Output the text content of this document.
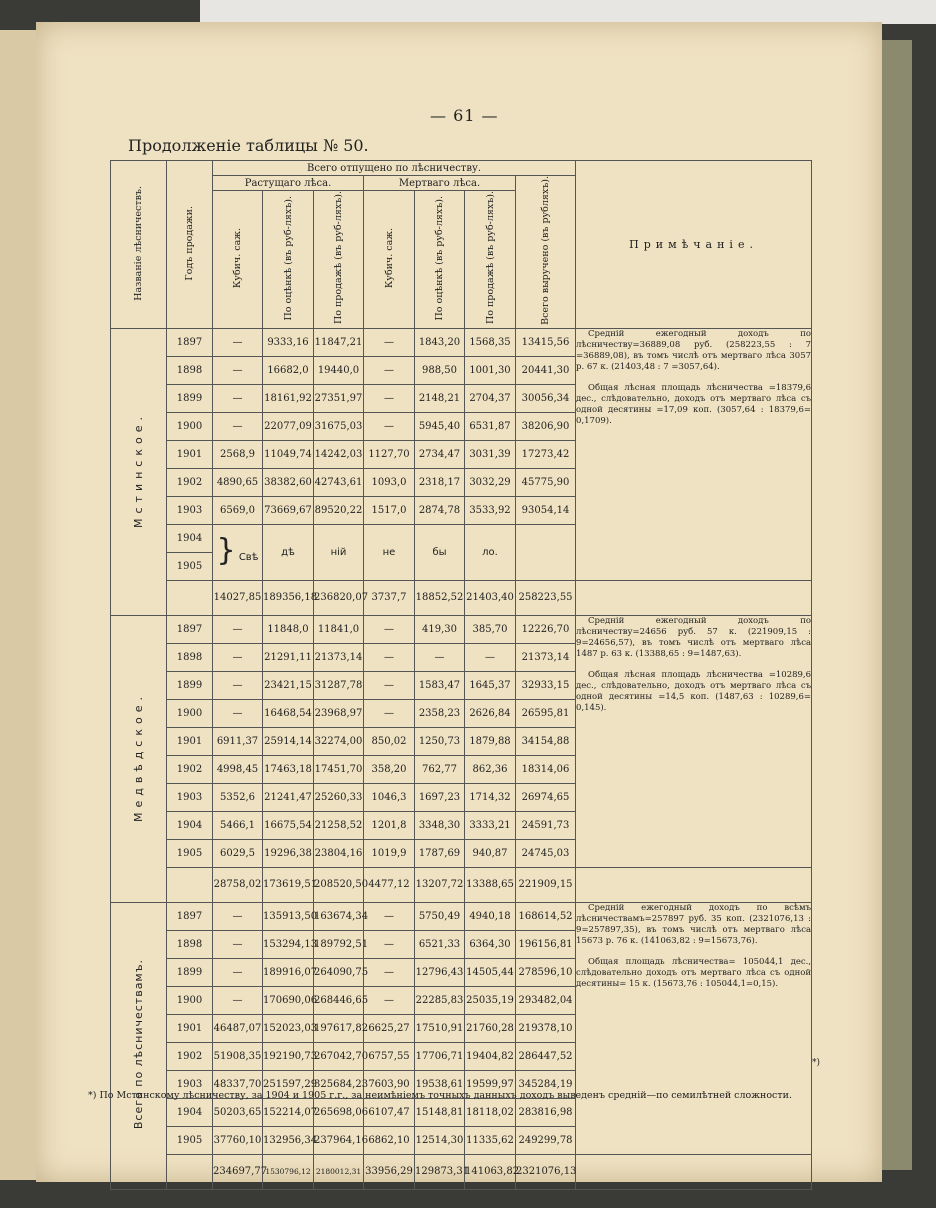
— 61 —
Продолженіе таблицы № 50.
Названіе лѣсничествъ.	Годъ продажи.	Всего отпущено по лѣсничеству.							Примѣчаніе.
		Растущаго лѣса.			Мертваго лѣса.			Всего выручено (въ рубляхъ).	
		Кубич. саж.	По оцѣнкѣ (въ руб-ляхъ).	По продажѣ (въ руб-ляхъ).	Кубич. саж.	По оцѣнкѣ (въ руб-ляхъ).	По продажѣ (въ руб-ляхъ).		
Мстинское.	1897	—	9333,16	11847,21	—	1843,20	1568,35	13415,56	Средній ежегодный доходъ по лѣсничеству=36889,08 руб. (258223,55 : 7 =36889,08), въ томъ числѣ отъ мертваго лѣса 3057 р. 67 к. (21403,48 : 7 =3057,64).

Общая лѣсная площадь лѣсничества =18379,6 дес., слѣдовательно, доходъ отъ мертваго лѣса съ одной десятины =17,09 коп. (3057,64 : 18379,6= 0,1709).

	1898	—	16682,0	19440,0	—	988,50	1001,30	20441,30	
	1899	—	18161,92	27351,97	—	2148,21	2704,37	30056,34	
	1900	—	22077,09	31675,03	—	5945,40	6531,87	38206,90	
	1901	2568,9	11049,74	14242,03	1127,70	2734,47	3031,39	17273,42	
	1902	4890,65	38382,60	42743,61	1093,0	2318,17	3032,29	45775,90	
	1903	6569,0	73669,67	89520,22	1517,0	2874,78	3533,92	93054,14	
	1904	} Свѣ	дѣ	ній	не	бы	ло.		
	1905								
		14027,85	189356,18	236820,07	3737,7	18852,52	21403,40	258223,55	
Медвѣдское.	1897	—	11848,0	11841,0	—	419,30	385,70	12226,70	Средній ежегодный доходъ по лѣсничеству=24656 руб. 57 к. (221909,15 : 9=24656,57), въ томъ числѣ отъ мертваго лѣса 1487 р. 63 к. (13388,65 : 9=1487,63).

Общая лѣсная площадь лѣсничества =10289,6 дес., слѣдовательно, доходъ отъ мертваго лѣса съ одной десятины =14,5 коп. (1487,63 : 10289,6= 0,145).

	1898	—	21291,11	21373,14	—	—	—	21373,14	
	1899	—	23421,15	31287,78	—	1583,47	1645,37	32933,15	
	1900	—	16468,54	23968,97	—	2358,23	2626,84	26595,81	
	1901	6911,37	25914,14	32274,00	850,02	1250,73	1879,88	34154,88	
	1902	4998,45	17463,18	17451,70	358,20	762,77	862,36	18314,06	
	1903	5352,6	21241,47	25260,33	1046,3	1697,23	1714,32	26974,65	
	1904	5466,1	16675,54	21258,52	1201,8	3348,30	3333,21	24591,73	
	1905	6029,5	19296,38	23804,16	1019,9	1787,69	940,87	24745,03	
		28758,02	173619,51	208520,50	4477,12	13207,72	13388,65	221909,15	
Всего по лѣсничествамъ.	1897	—	135913,50	163674,34	—	5750,49	4940,18	168614,52	Средній ежегодный доходъ по всѣмъ лѣсничествамъ=257897 руб. 35 коп. (2321076,13 : 9=257897,35), въ томъ числѣ отъ мертваго лѣса 15673 р. 76 к. (141063,82 : 9=15673,76).

Общая площадь лѣсничества= 105044,1 дес., слѣдовательно доходъ отъ мертваго лѣса съ одной десятины= 15 к. (15673,76 : 105044,1=0,15).

	1898	—	153294,13	189792,51	—	6521,33	6364,30	196156,81	
	1899	—	189916,07	264090,75	—	12796,43	14505,44	278596,10	
	1900	—	170690,06	268446,65	—	22285,83	25035,19	293482,04	
	1901	46487,07	152023,03	197617,82	6625,27	17510,91	21760,28	219378,10	
	1902	51908,35	192190,73	267042,70	6757,55	17706,71	19404,82	286447,52	
	1903	48337,70	251597,29	325684,23	7603,90	19538,61	19599,97	345284,19	
	1904	50203,65	152214,07	265698,06	6107,47	15148,81	18118,02	283816,98	
	1905	37760,10	132956,34	237964,16	6862,10	12514,30	11335,62	249299,78	
		234697,77	1530796,12	2180012,31	33956,29	129873,31	141063,82	2321076,13	
*)
*) По Мстинскому лѣсничеству, за 1904 и 1905 г.г., за неимѣніемъ точныхъ данныхъ доходъ выведенъ средній—по семилѣтней сложности.
